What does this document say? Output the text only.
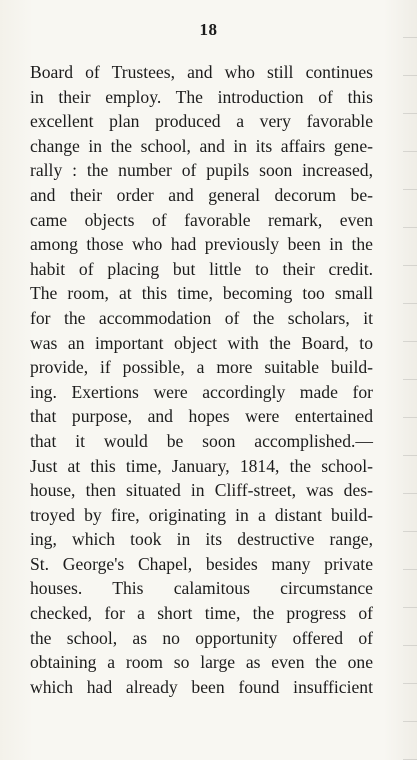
18
Board of Trustees, and who still continues
in their employ. The introduction of this
excellent plan produced a very favorable
change in the school, and in its affairs gene-
rally : the number of pupils soon increased,
and their order and general decorum be-
came objects of favorable remark, even
among those who had previously been in the
habit of placing but little to their credit.
The room, at this time, becoming too small
for the accommodation of the scholars, it
was an important object with the Board, to
provide, if possible, a more suitable build-
ing. Exertions were accordingly made for
that purpose, and hopes were entertained
that it would be soon accomplished.—
Just at this time, January, 1814, the school-
house, then situated in Cliff-street, was des-
troyed by fire, originating in a distant build-
ing, which took in its destructive range,
St. George's Chapel, besides many private
houses. This calamitous circumstance
checked, for a short time, the progress of
the school, as no opportunity offered of
obtaining a room so large as even the one
which had already been found insufficient
